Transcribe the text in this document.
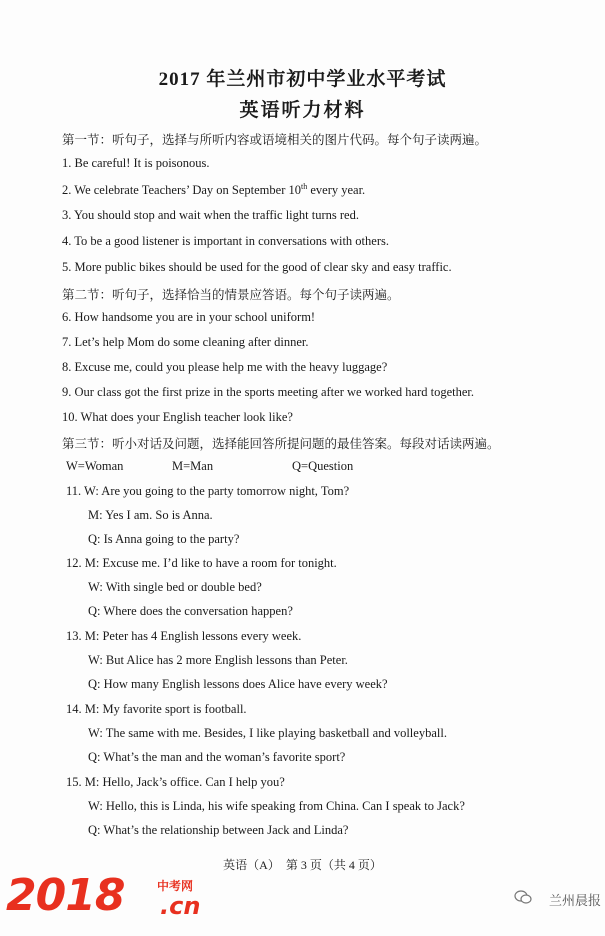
2017 年兰州市初中学业水平考试
英语听力材料
第一节：听句子，选择与所听内容或语境相关的图片代码。每个句子读两遍。
1. Be careful! It is poisonous.
2. We celebrate Teachers’ Day on September 10th every year.
3. You should stop and wait when the traffic light turns red.
4. To be a good listener is important in conversations with others.
5. More public bikes should be used for the good of clear sky and easy traffic.
第二节：听句子，选择恰当的情景应答语。每个句子读两遍。
6. How handsome you are in your school uniform!
7. Let’s help Mom do some cleaning after dinner.
8. Excuse me, could you please help me with the heavy luggage?
9. Our class got the first prize in the sports meeting after we worked hard together.
10. What does your English teacher look like?
第三节：听小对话及问题，选择能回答所提问题的最佳答案。每段对话读两遍。
W=Woman	M=Man	Q=Question
11. W: Are you going to the party tomorrow night, Tom?
M: Yes I am. So is Anna.
Q: Is Anna going to the party?
12. M: Excuse me. I’d like to have a room for tonight.
W: With single bed or double bed?
Q: Where does the conversation happen?
13. M: Peter has 4 English lessons every week.
W: But Alice has 2 more English lessons than Peter.
Q: How many English lessons does Alice have every week?
14. M: My favorite sport is football.
W: The same with me. Besides, I like playing basketball and volleyball.
Q: What’s the man and the woman’s favorite sport?
15. M: Hello, Jack’s office. Can I help you?
W: Hello, this is Linda, his wife speaking from China. Can I speak to Jack?
Q: What’s the relationship between Jack and Linda?
英语（A）　第 3 页（共 4 页）
2018	中考网
.cn	兰州晨报
